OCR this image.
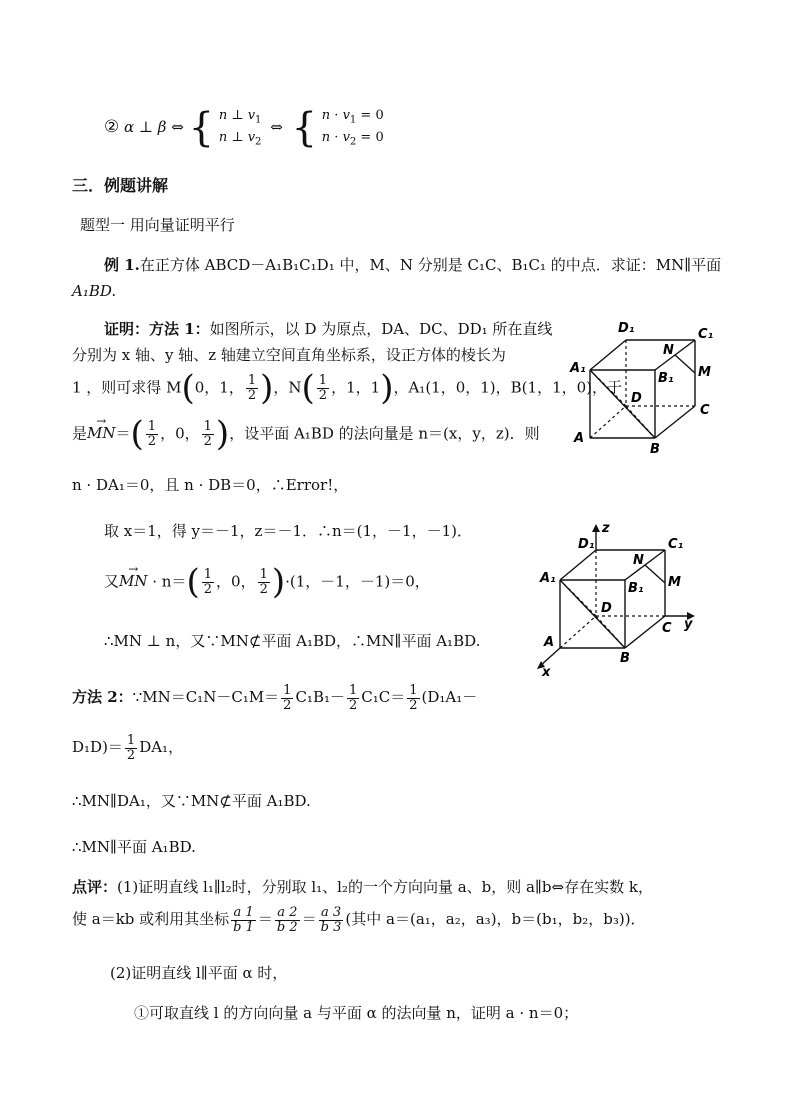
② α ⊥ β ⇔ { n ⊥ $v_1$
n ⊥ $v_2$ ⇔ { $n \cdot v_1 = 0$
$n \cdot v_2 = 0$
三．例题讲解
题型一 用向量证明平行
例 1.在正方体 ABCD－A₁B₁C₁D₁ 中，M、N 分别是 C₁C、B₁C₁ 的中点．求证：MN∥平面
A₁BD.
证明：方法 1：如图所示，以 D 为原点，DA、DC、DD₁ 所在直线
分别为 x 轴、y 轴、z 轴建立空间直角坐标系，设正方体的棱长为
1 ，则可求得 M(0，1， $\frac{1}{2}$ )，$N( \frac{1}{2}$ ，1，1)，A₁(1，0，1)，B(1，1，0)，于
是→ $MN=( \frac{1}{2}$ ，0， $\frac{1}{2}$ )，设平面 A₁BD 的法向量是 n＝(x，y，z)．则
n · DA₁＝0，且 n · DB＝0，∴Error!，
取 x＝1，得 y＝－1，z＝－1．∴n＝(1，－1，－1)．
又→ MN · $n=( \frac{1}{2}$ ，0， $\frac{1}{2} )\cdot(1$，－1，－1)＝0，
∴MN ⊥ n，又∵MN⊄平面 A₁BD，∴MN∥平面 A₁BD.
方法 2：∵MN＝C₁N－C₁M＝ $\frac{1}{2} C_1B_1- \frac{1}{2} C_1C= \frac{1}{2} (D_1A_1-$
$D_1D)= \frac{1}{2} DA_1$，
∴MN∥DA₁，又∵MN⊄平面 A₁BD.
∴MN∥平面 A₁BD.
点评：(1)证明直线 l₁∥l₂时，分别取 l₁、l₂的一个方向向量 a、b，则 a∥b⇔存在实数 k，
使 a＝kb 或利用其坐标 $\frac{a 1}{b 1} = \frac{a 2}{b 2} = \frac{a 3}{b 3}$ (其中 a＝(a₁，a₂，a₃)，b＝(b₁，b₂，b₃))．
(2)证明直线 l∥平面 α 时，
①可取直线 l 的方向向量 a 与平面 α 的法向量 n，证明 a · n＝0；
D₁	C₁
N
A₁
B₁ M
D
C
A
B
z
D₁	C₁
N
A₁
B₁ M
D
y
C
A
B
x
